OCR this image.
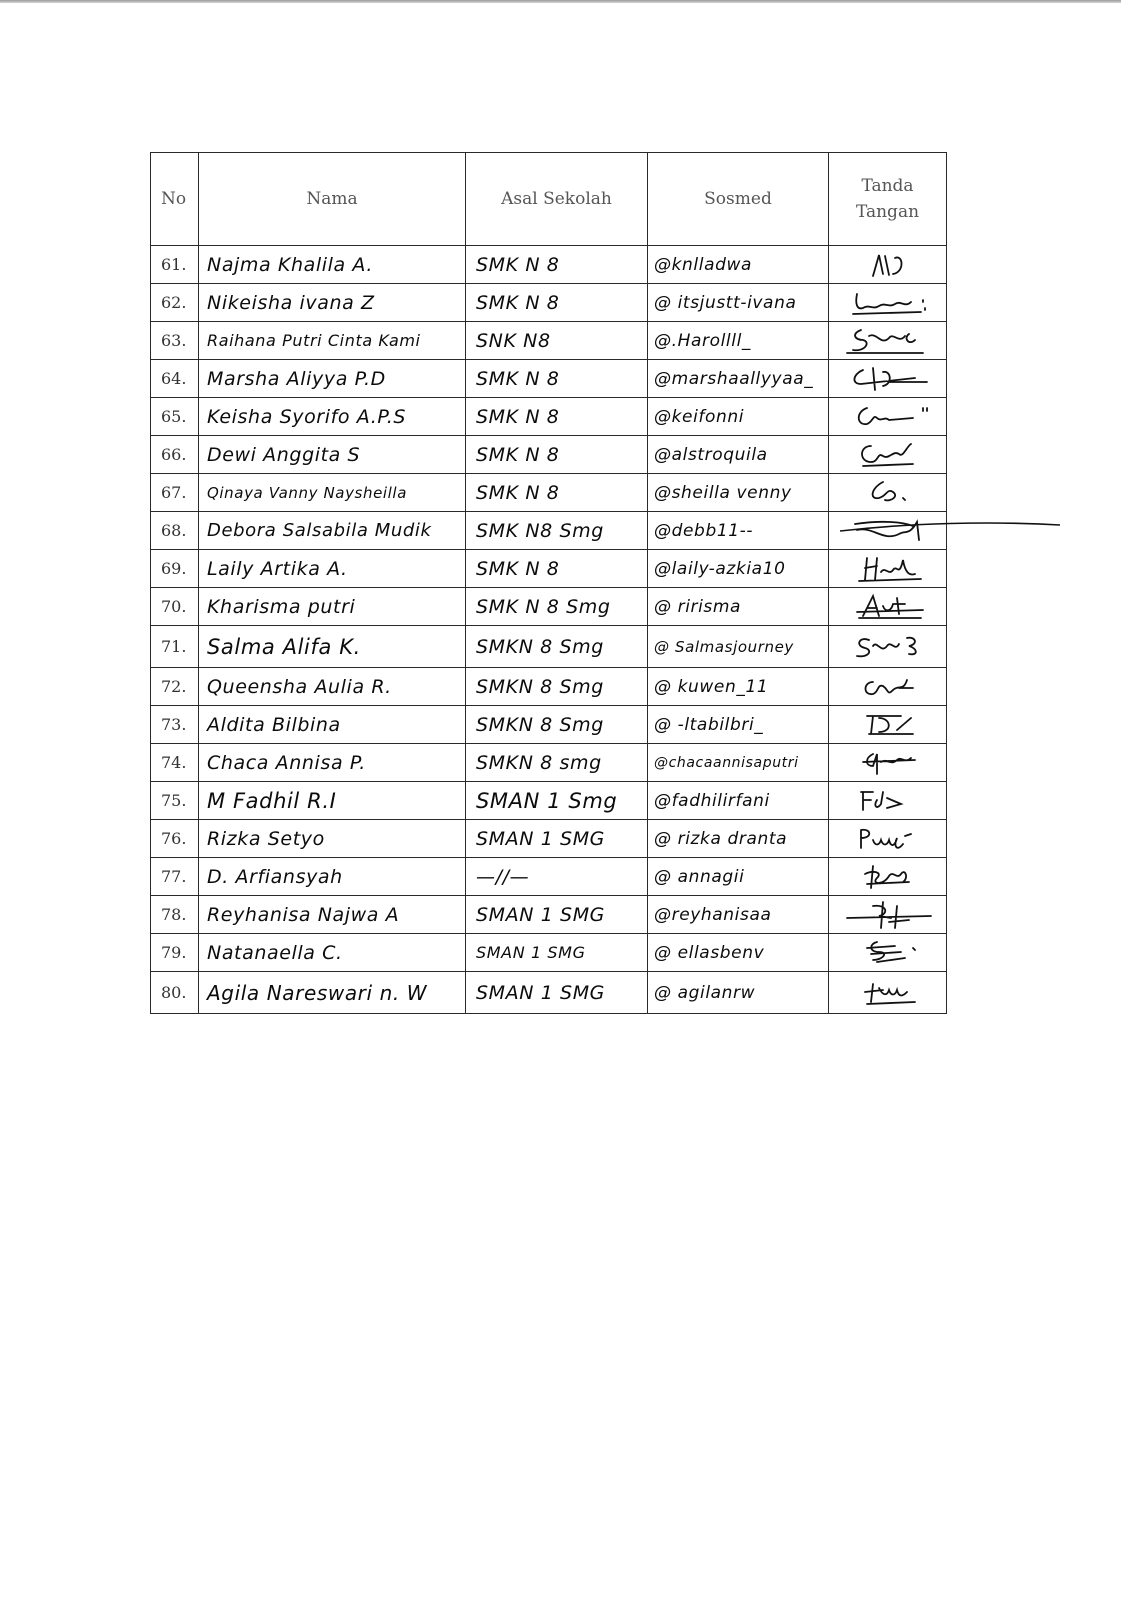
No	Nama	Asal Sekolah	Sosmed	Tanda
Tangan
61.	Najma Khalila A.	SMK N 8	@knlladwa	

62.	Nikeisha ivana Z	SMK N 8	@ itsjustt-ivana	

63.	Raihana Putri Cinta Kami	SNK N8	@.Harollll_	

64.	Marsha Aliyya P.D	SMK N 8	@marshaallyyaa_	

65.	Keisha Syorifo A.P.S	SMK N 8	@keifonni	

66.	Dewi Anggita S	SMK N 8	@alstroquila	

67.	Qinaya Vanny Naysheilla	SMK N 8	@sheilla venny	

68.	Debora Salsabila Mudik	SMK N8 Smg	@debb11--	

69.	Laily Artika A.	SMK N 8	@laily-azkia10	

70.	Kharisma putri	SMK N 8 Smg	@ ririsma	

71.	Salma Alifa K.	SMKN 8 Smg	@ Salmasjourney	

72.	Queensha Aulia R.	SMKN 8 Smg	@ kuwen_11	

73.	Aldita Bilbina	SMKN 8 Smg	@ -ltabilbri_	

74.	Chaca Annisa P.	SMKN 8 smg	@chacaannisaputri	

75.	M Fadhil R.I	SMAN 1 Smg	@fadhilirfani	

76.	Rizka Setyo	SMAN 1 SMG	@ rizka dranta	

77.	D. Arfiansyah	—//—	@ annagii	

78.	Reyhanisa Najwa A	SMAN 1 SMG	@reyhanisaa	

79.	Natanaella C.	SMAN 1 SMG	@ ellasbenv	

80.	Agila Nareswari n. W	SMAN 1 SMG	@ agilanrw	
